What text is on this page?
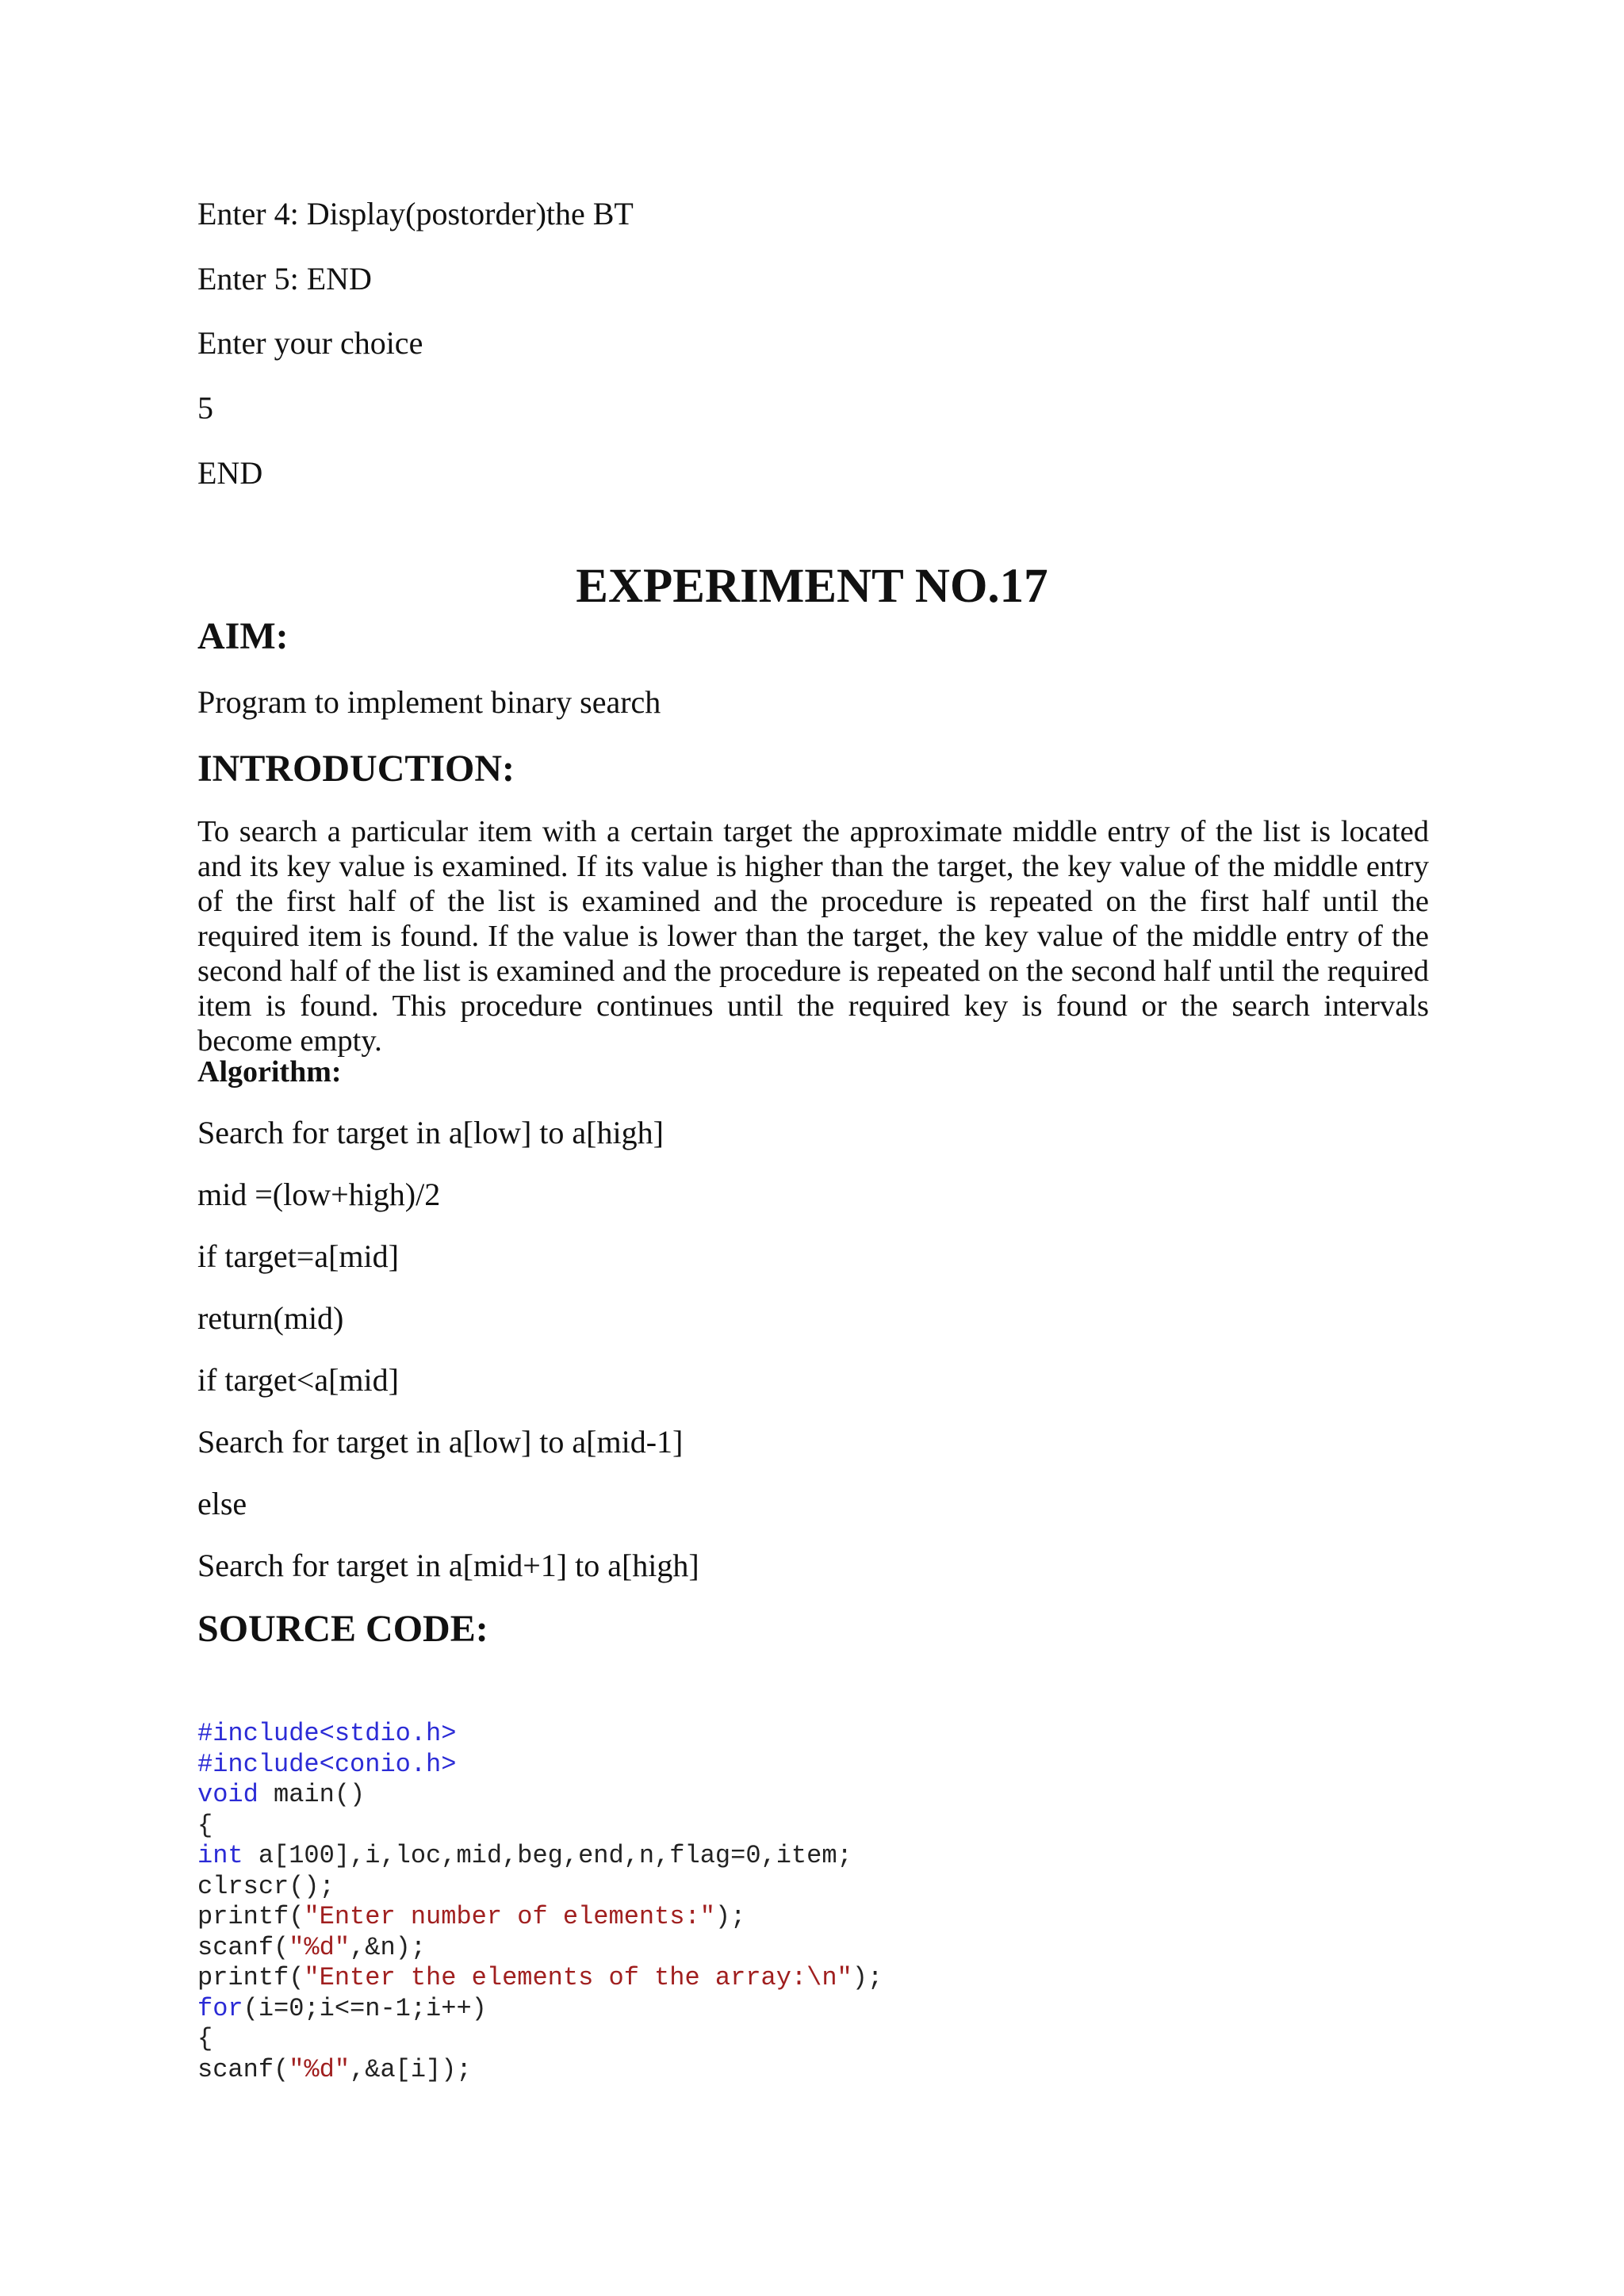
Enter 4: Display(postorder)the BT
Enter 5: END
Enter your choice
5
END
EXPERIMENT NO.17
AIM:
Program to implement binary search
INTRODUCTION:
To search a particular item with a certain target the approximate middle entry of the list is located and its key value is examined. If its value is higher than the target, the key value of the middle entry of the first half of the list is examined and the procedure is repeated on the first half until the required item is found. If the value is lower than the target, the key value of the middle entry of the second half of the list is examined and the procedure is repeated on the second half until the required item is found. This procedure continues until the required key is found or the search intervals become empty.
Algorithm:
Search for target in a[low] to a[high]
mid =(low+high)/2
if target=a[mid]
return(mid)
if target<a[mid]
Search for target in a[low] to a[mid-1]
else
Search for target in a[mid+1] to a[high]
SOURCE CODE:
#include<stdio.h>
#include<conio.h>
void main()
{
int a[100],i,loc,mid,beg,end,n,flag=0,item;
clrscr();
printf("Enter number of elements:");
scanf("%d",&n);
printf("Enter the elements of the array:\n");
for(i=0;i<=n-1;i++)
{
scanf("%d",&a[i]);
